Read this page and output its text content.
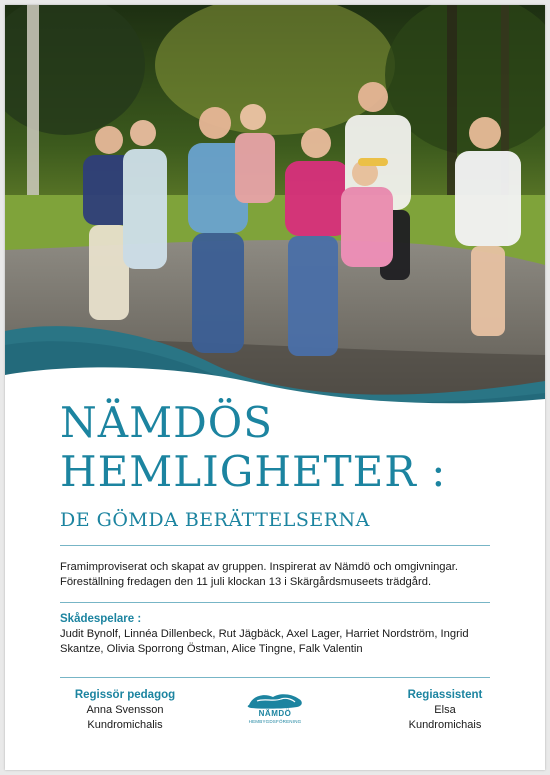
NÄMDÖS
HEMLIGHETER :
DE GÖMDA BERÄTTELSERNA
Framimproviserat och skapat av gruppen. Inspirerat av Nämdö och omgivningar.
Föreställning fredagen den 11 juli klockan 13 i Skärgårdsmuseets trädgård.
Skådespelare :
Judit Bynolf, Linnéa Dillenbeck, Rut Jägbäck, Axel Lager, Harriet Nordström, Ingrid Skantze, Olivia Sporrong Östman, Alice Tingne, Falk Valentin
Regissör pedagog
Anna Svensson
Kundromichalis
NÄMDÖ
HEMBYGDSFÖRENING
Regiassistent
Elsa
Kundromichais
